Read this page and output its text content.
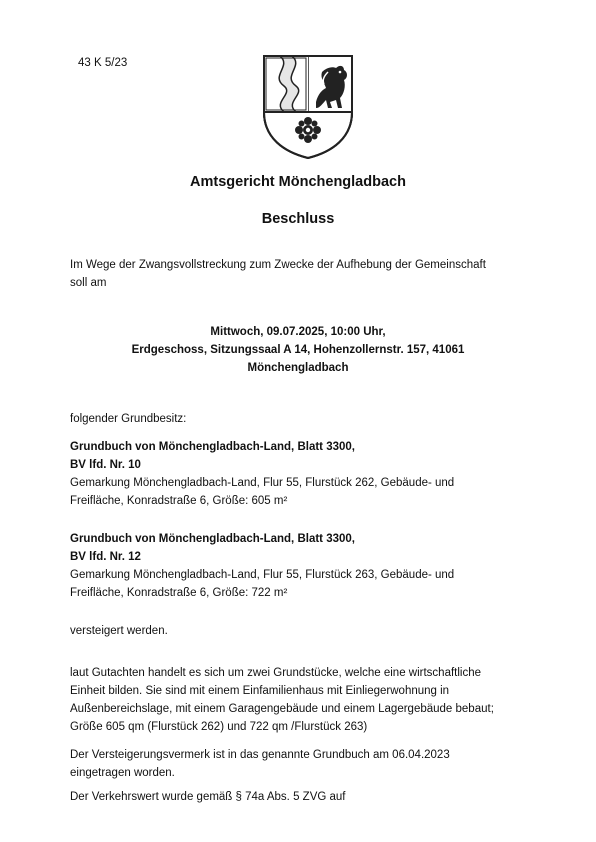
43 K 5/23
Amtsgericht Mönchengladbach
Beschluss
Im Wege der Zwangsvollstreckung zum Zwecke der Aufhebung der Gemeinschaft
soll am
Mittwoch, 09.07.2025, 10:00 Uhr,
Erdgeschoss, Sitzungssaal A 14, Hohenzollernstr. 157, 41061
Mönchengladbach
folgender Grundbesitz:
Grundbuch von Mönchengladbach-Land, Blatt 3300,
BV lfd. Nr. 10
Gemarkung Mönchengladbach-Land, Flur 55, Flurstück 262, Gebäude- und
Freifläche, Konradstraße 6, Größe: 605 m²
Grundbuch von Mönchengladbach-Land, Blatt 3300,
BV lfd. Nr. 12
Gemarkung Mönchengladbach-Land, Flur 55, Flurstück 263, Gebäude- und
Freifläche, Konradstraße 6, Größe: 722 m²
versteigert werden.
laut Gutachten handelt es sich um zwei Grundstücke, welche eine wirtschaftliche
Einheit bilden. Sie sind mit einem Einfamilienhaus mit Einliegerwohnung in
Außenbereichslage, mit einem Garagengebäude und einem Lagergebäude bebaut;
Größe 605 qm (Flurstück 262) und 722 qm /Flurstück 263)
Der Versteigerungsvermerk ist in das genannte Grundbuch am 06.04.2023
eingetragen worden.
Der Verkehrswert wurde gemäß § 74a Abs. 5 ZVG auf
